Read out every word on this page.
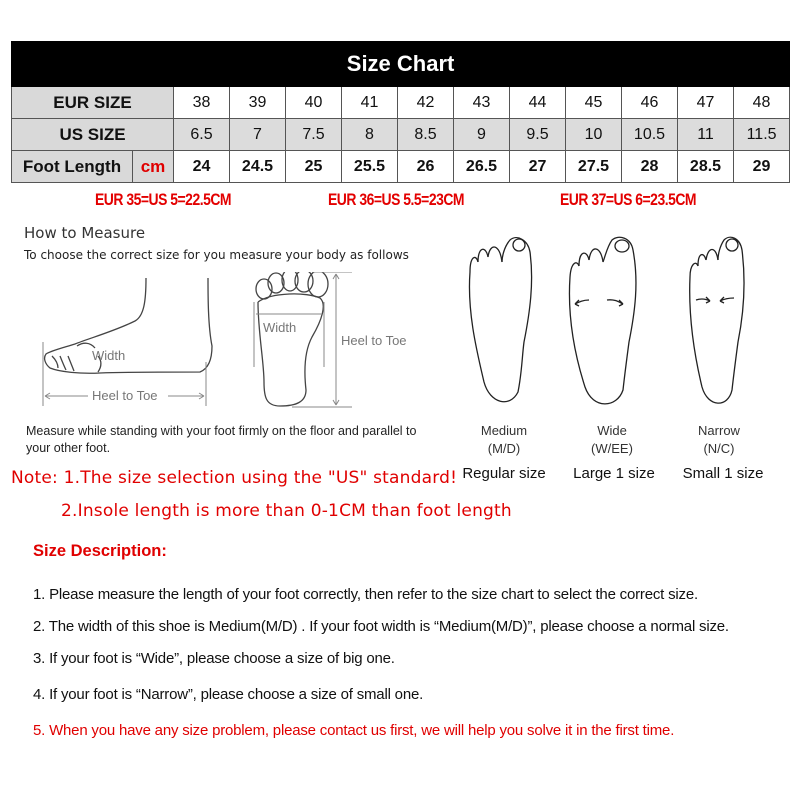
Size Chart												
EUR SIZE		38	39	40	41	42	43	44	45	46	47	48
US SIZE		6.5	7	7.5	8	8.5	9	9.5	10	10.5	11	11.5
Foot Length	cm	24	24.5	25	25.5	26	26.5	27	27.5	28	28.5	29
EUR 35=US 5=22.5CM	EUR 36=US 5.5=23CM	EUR 37=US 6=23.5CM
How to Measure
To choose the correct size for you measure your body as follows
Width
Heel to Toe
Width
Heel to Toe
Measure while standing with your foot firmly on the floor and parallel to your other foot.
Medium
(M/D)
Wide
(W/EE)
Narrow
(N/C)
Regular size	Large 1 size	Small 1 size
Note: 1.The size selection using the "US" standard!
2.Insole length is more than 0-1CM than foot length
Size Description:
1. Please measure the length of your foot correctly, then refer to the size chart to select the correct size.
2. The width of this shoe is Medium(M/D) . If your foot width is “Medium(M/D)”, please choose a normal size.
3. If your foot is “Wide”, please choose a size of big one.
4. If your foot is “Narrow”, please choose a size of small one.
5. When you have any size problem, please contact us first, we will help you solve it in the first time.
